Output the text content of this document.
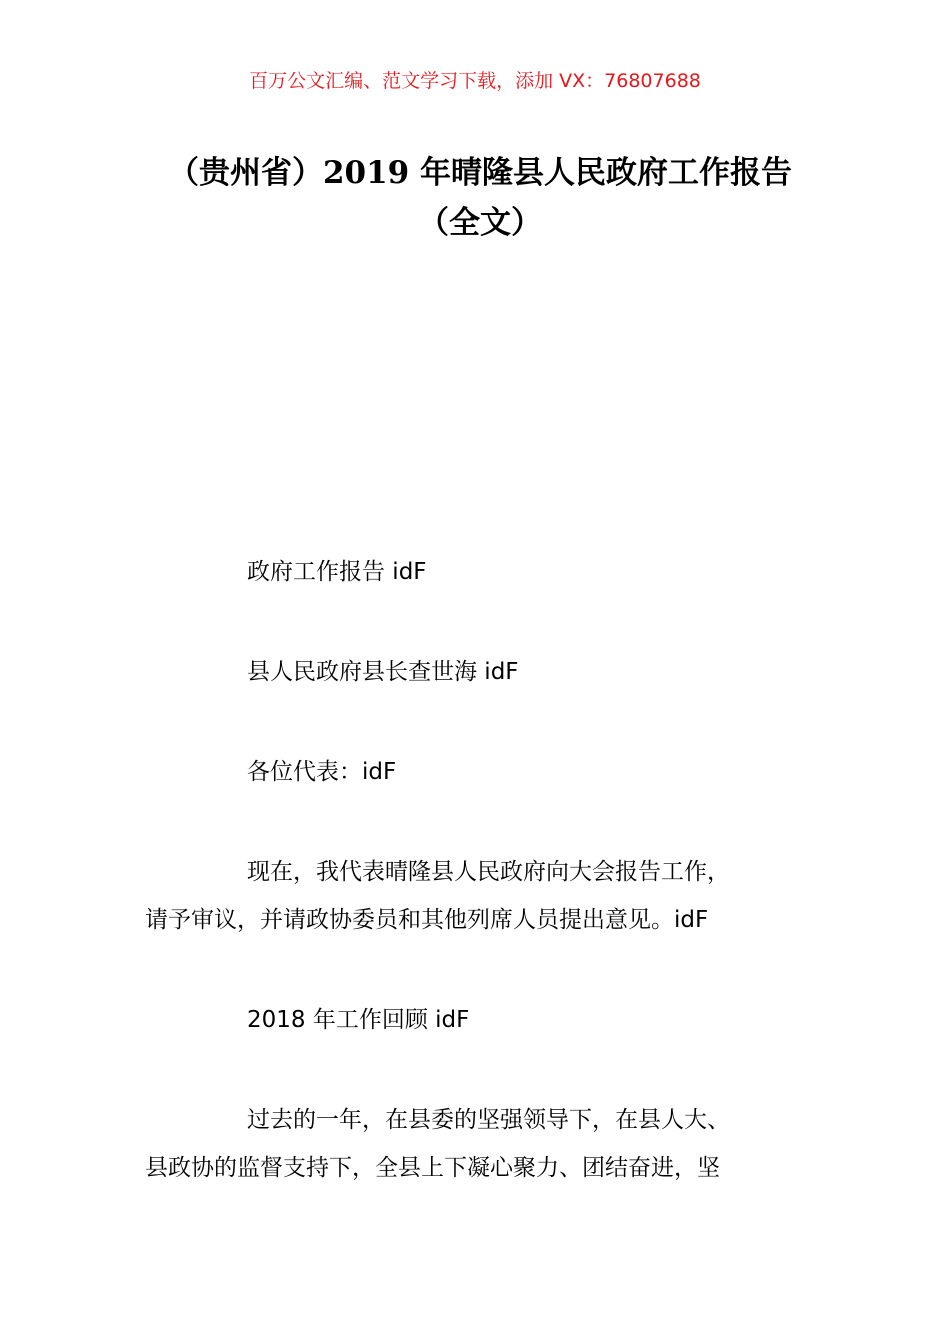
百万公文汇编、范文学习下载，添加 VX：76807688
（贵州省）2019 年晴隆县人民政府工作报告（全文）

政府工作报告 idF

县人民政府县长查世海 idF

各位代表：idF

现在，我代表晴隆县人民政府向大会报告工作，

请予审议，并请政协委员和其他列席人员提出意见。idF

2018 年工作回顾 idF

过去的一年，在县委的坚强领导下，在县人大、

县政协的监督支持下，全县上下凝心聚力、团结奋进，坚
